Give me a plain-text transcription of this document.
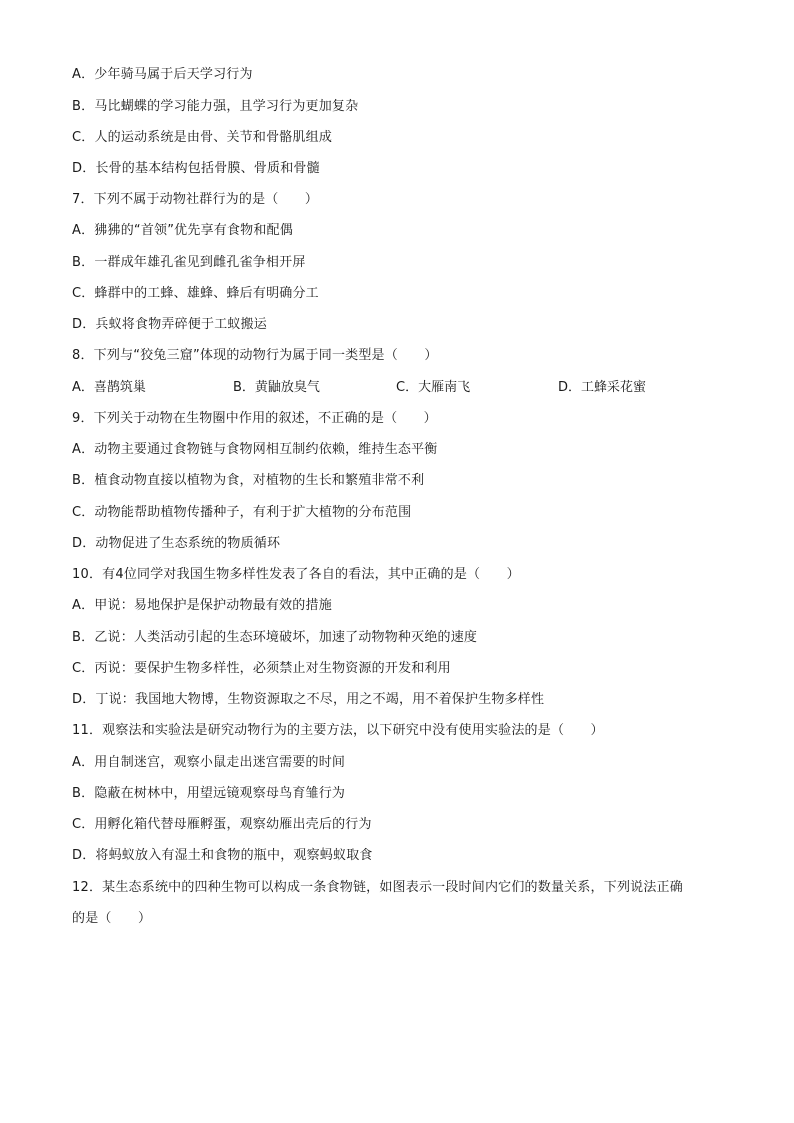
A．少年骑马属于后天学习行为
B．马比蝴蝶的学习能力强，且学习行为更加复杂
C．人的运动系统是由骨、关节和骨骼肌组成
D．长骨的基本结构包括骨膜、骨质和骨髓
7．下列不属于动物社群行为的是（　　）
A．狒狒的“首领”优先享有食物和配偶
B．一群成年雄孔雀见到雌孔雀争相开屏
C．蜂群中的工蜂、雄蜂、蜂后有明确分工
D．兵蚁将食物弄碎便于工蚁搬运
8．下列与“狡兔三窟”体现的动物行为属于同一类型是（　　）
A．喜鹊筑巢	B．黄鼬放臭气	C．大雁南飞	D．工蜂采花蜜
9．下列关于动物在生物圈中作用的叙述，不正确的是（　　）
A．动物主要通过食物链与食物网相互制约依赖，维持生态平衡
B．植食动物直接以植物为食，对植物的生长和繁殖非常不利
C．动物能帮助植物传播种子，有利于扩大植物的分布范围
D．动物促进了生态系统的物质循环
10．有4位同学对我国生物多样性发表了各自的看法，其中正确的是（　　）
A．甲说：易地保护是保护动物最有效的措施
B．乙说：人类活动引起的生态环境破坏，加速了动物物种灭绝的速度
C．丙说：要保护生物多样性，必须禁止对生物资源的开发和利用
D．丁说：我国地大物博，生物资源取之不尽，用之不竭，用不着保护生物多样性
11．观察法和实验法是研究动物行为的主要方法，以下研究中没有使用实验法的是（　　）
A．用自制迷宫，观察小鼠走出迷宫需要的时间
B．隐蔽在树林中，用望远镜观察母鸟育雏行为
C．用孵化箱代替母雁孵蛋，观察幼雁出壳后的行为
D．将蚂蚁放入有湿土和食物的瓶中，观察蚂蚁取食
12．某生态系统中的四种生物可以构成一条食物链，如图表示一段时间内它们的数量关系，下列说法正确
的是（　　）
